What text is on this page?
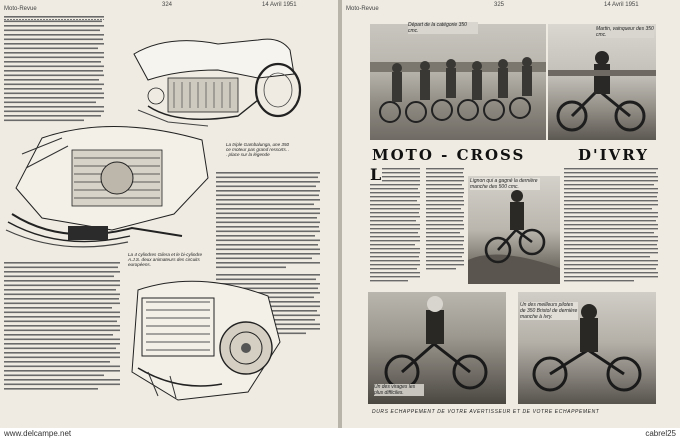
Moto-Revue
324	14 Avril 1951
La triple Gambalunga, une 350 ce moteur pas grand ressorts. . . place sur la légende
La 4 cylindres Gilera et le bi-cylindre A.J.S. deux animateurs des circuits européens.
Moto-Revue
325	14 Avril 1951
Départ de la catégorie 350 cmc.	Martin, vainqueur des 350 cmc.
MOTO - CROSS	D'IVRY
L	Lignon qui a gagné la dernière manche des 500 cmc.
Un des virages les plus difficiles.
Un des meilleurs pilotes de 350 Bristol de dernière manche à Ivry.
DURS ECHAPPEMENT DE VOTRE AVERTISSEUR ET DE VOTRE ECHAPPEMENT
www.delcampe.net	cabrel25
